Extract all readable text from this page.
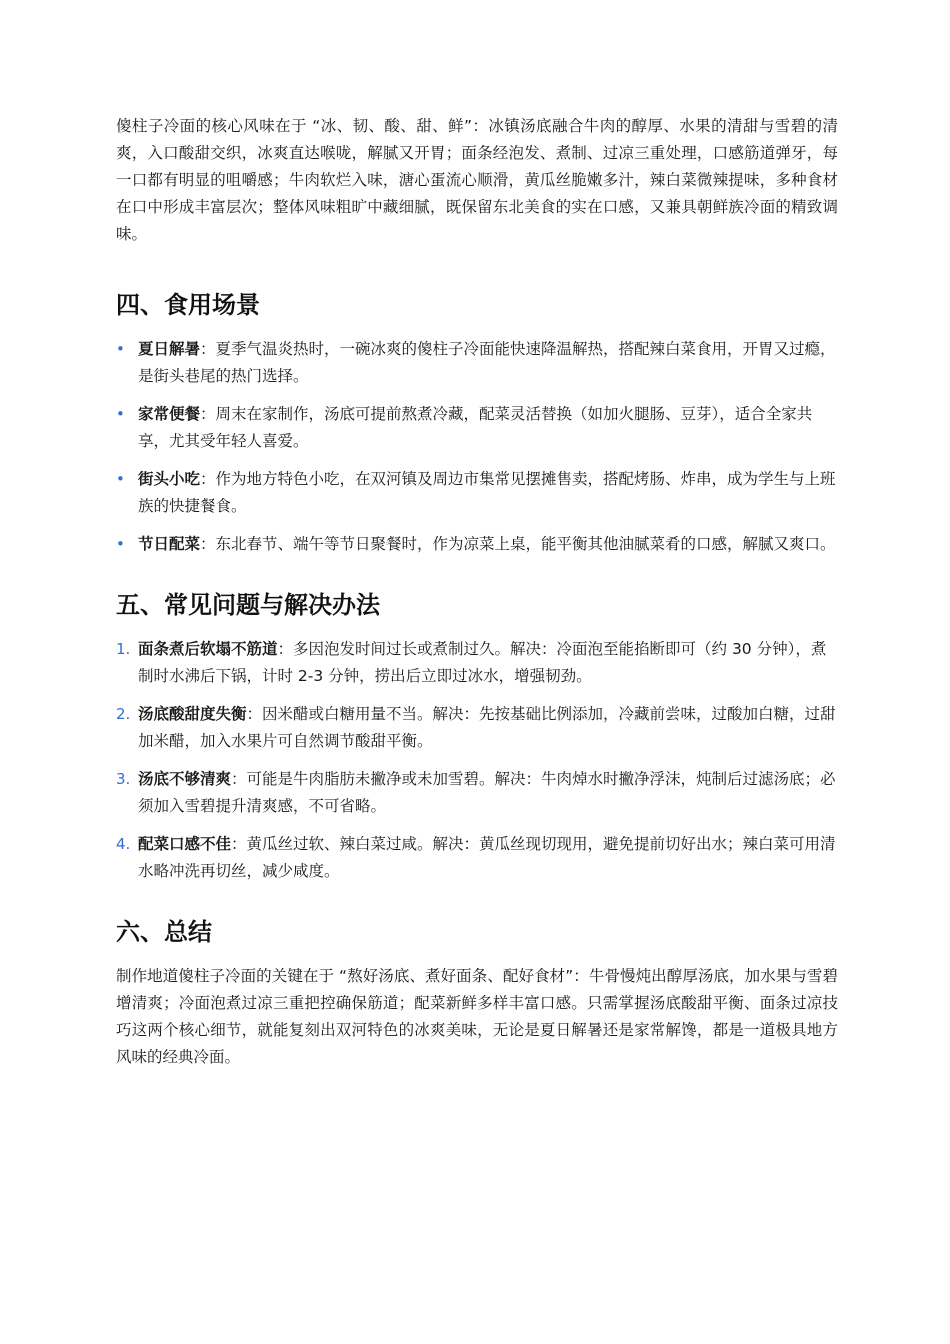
傻柱子冷面的核心风味在于 “冰、韧、酸、甜、鲜”：冰镇汤底融合牛肉的醇厚、水果的清甜与雪碧的清爽，入口酸甜交织，冰爽直达喉咙，解腻又开胃；面条经泡发、煮制、过凉三重处理，口感筋道弹牙，每一口都有明显的咀嚼感；牛肉软烂入味，溏心蛋流心顺滑，黄瓜丝脆嫩多汁，辣白菜微辣提味，多种食材在口中形成丰富层次；整体风味粗旷中藏细腻，既保留东北美食的实在口感，又兼具朝鲜族冷面的精致调味。

四、食用场景
• 夏日解暑：夏季气温炎热时，一碗冰爽的傻柱子冷面能快速降温解热，搭配辣白菜食用，开胃又过瘾，是街头巷尾的热门选择。
• 家常便餐：周末在家制作，汤底可提前熬煮冷藏，配菜灵活替换（如加火腿肠、豆芽），适合全家共享，尤其受年轻人喜爱。
• 街头小吃：作为地方特色小吃，在双河镇及周边市集常见摆摊售卖，搭配烤肠、炸串，成为学生与上班族的快捷餐食。
• 节日配菜：东北春节、端午等节日聚餐时，作为凉菜上桌，能平衡其他油腻菜肴的口感，解腻又爽口。
五、常见问题与解决办法
1. 面条煮后软塌不筋道：多因泡发时间过长或煮制过久。解决：冷面泡至能掐断即可（约 30 分钟），煮制时水沸后下锅，计时 2-3 分钟，捞出后立即过冰水，增强韧劲。
2. 汤底酸甜度失衡：因米醋或白糖用量不当。解决：先按基础比例添加，冷藏前尝味，过酸加白糖，过甜加米醋，加入水果片可自然调节酸甜平衡。
3. 汤底不够清爽：可能是牛肉脂肪未撇净或未加雪碧。解决：牛肉焯水时撇净浮沫，炖制后过滤汤底；必须加入雪碧提升清爽感，不可省略。
4. 配菜口感不佳：黄瓜丝过软、辣白菜过咸。解决：黄瓜丝现切现用，避免提前切好出水；辣白菜可用清水略冲洗再切丝，减少咸度。
六、总结

制作地道傻柱子冷面的关键在于 “熬好汤底、煮好面条、配好食材”：牛骨慢炖出醇厚汤底，加水果与雪碧增清爽；冷面泡煮过凉三重把控确保筋道；配菜新鲜多样丰富口感。只需掌握汤底酸甜平衡、面条过凉技巧这两个核心细节，就能复刻出双河特色的冰爽美味，无论是夏日解暑还是家常解馋，都是一道极具地方风味的经典冷面。
